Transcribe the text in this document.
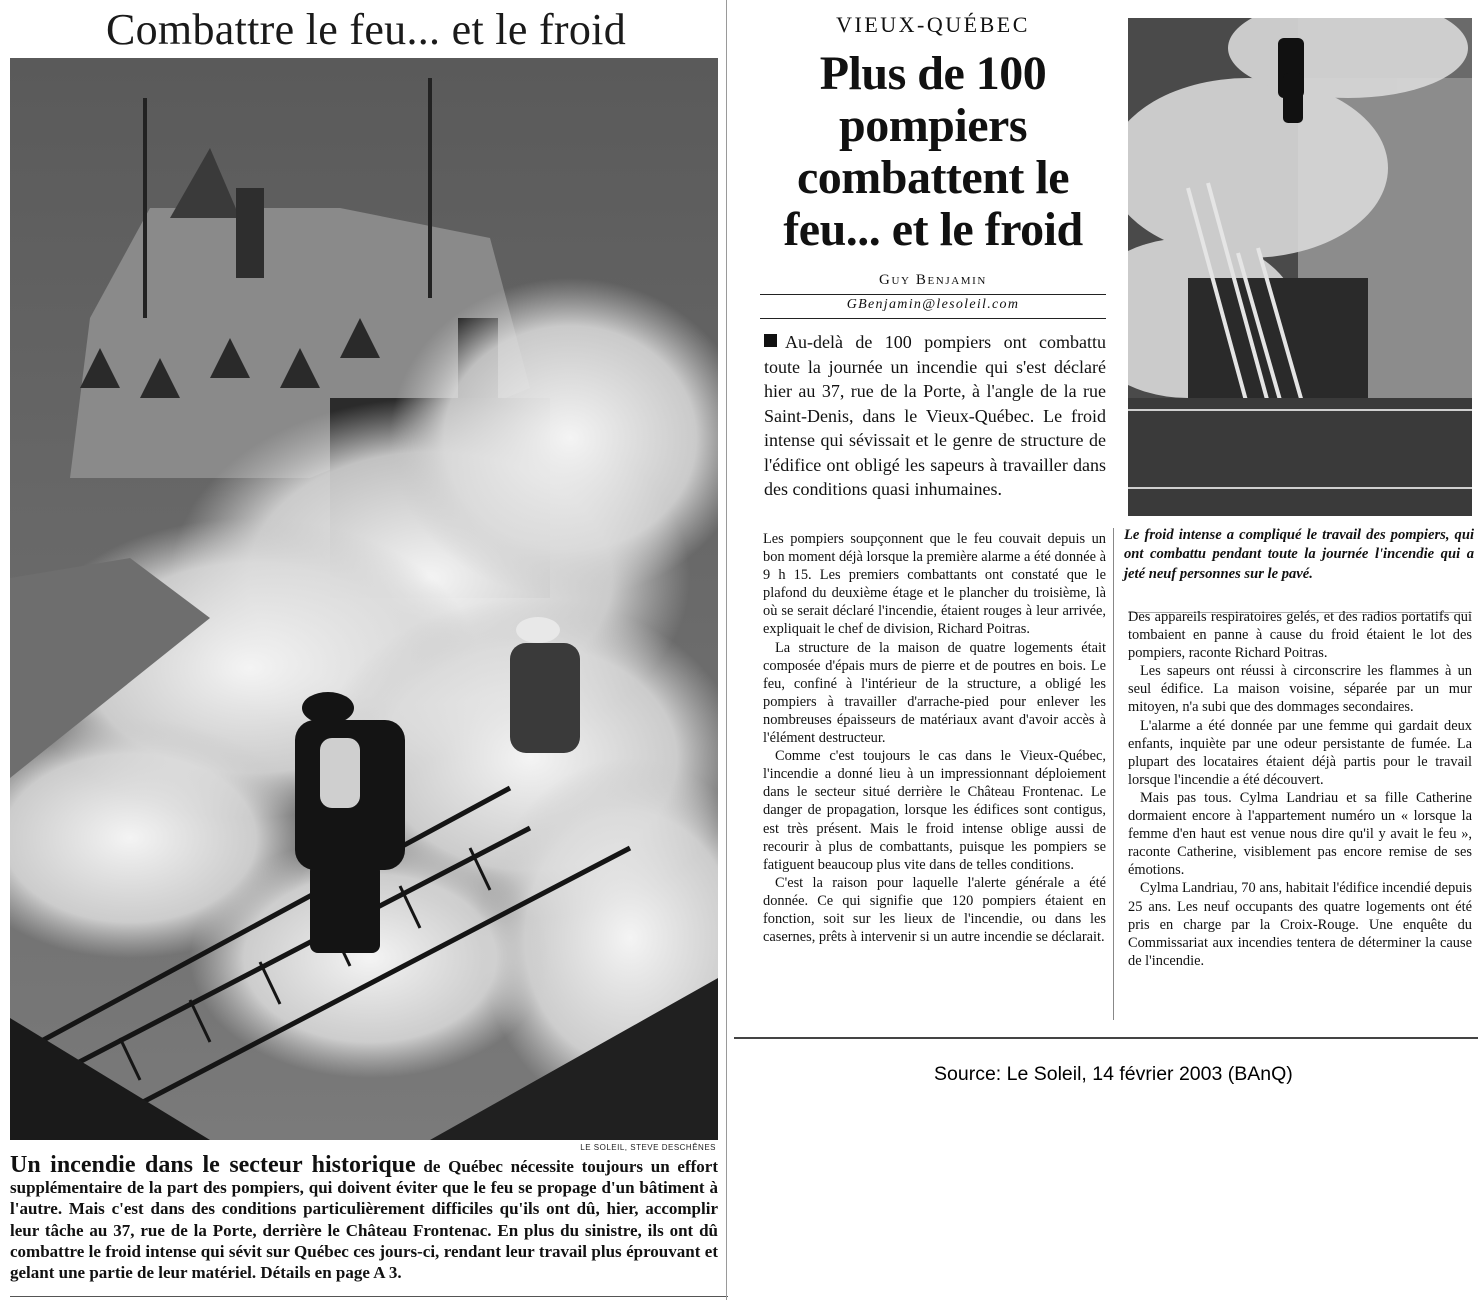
Combattre le feu... et le froid
LE SOLEIL, STEVE DESCHÊNES
Un incendie dans le secteur historique de Québec nécessite toujours un effort supplémentaire de la part des pompiers, qui doivent éviter que le feu se propage d'un bâtiment à l'autre. Mais c'est dans des conditions particulièrement difficiles qu'ils ont dû, hier, accomplir leur tâche au 37, rue de la Porte, derrière le Château Frontenac. En plus du sinistre, ils ont dû combattre le froid intense qui sévit sur Québec ces jours-ci, rendant leur travail plus éprouvant et gelant une partie de leur matériel. Détails en page A 3.
VIEUX-QUÉBEC
Plus de 100 pompiers combattent le feu... et le froid
Guy Benjamin
GBenjamin@lesoleil.com
Au-delà de 100 pompiers ont combattu toute la journée un incendie qui s'est déclaré hier au 37, rue de la Porte, à l'angle de la rue Saint-Denis, dans le Vieux-Québec. Le froid intense qui sévissait et le genre de structure de l'édifice ont obligé les sapeurs à travailler dans des conditions quasi inhumaines.

Les pompiers soupçonnent que le feu couvait depuis un bon moment déjà lorsque la première alarme a été donnée à 9 h 15. Les premiers combattants ont constaté que le plafond du deuxième étage et le plancher du troisième, là où se serait déclaré l'incendie, étaient rouges à leur arrivée, expliquait le chef de division, Richard Poitras.

La structure de la maison de quatre logements était composée d'épais murs de pierre et de poutres en bois. Le feu, confiné à l'intérieur de la structure, a obligé les pompiers à travailler d'arrache-pied pour enlever les nombreuses épaisseurs de matériaux avant d'avoir accès à l'élément destructeur.

Comme c'est toujours le cas dans le Vieux-Québec, l'incendie a donné lieu à un impressionnant déploiement dans le secteur situé derrière le Château Frontenac. Le danger de propagation, lorsque les édifices sont contigus, est très présent. Mais le froid intense oblige aussi de recourir à plus de combattants, puisque les pompiers se fatiguent beaucoup plus vite dans de telles conditions.

C'est la raison pour laquelle l'alerte générale a été donnée. Ce qui signifie que 120 pompiers étaient en fonction, soit sur les lieux de l'incendie, ou dans les casernes, prêts à intervenir si un autre incendie se déclarait.

Le froid intense a compliqué le travail des pompiers, qui ont combattu pendant toute la journée l'incendie qui a jeté neuf personnes sur le pavé.

Des appareils respiratoires gelés, et des radios portatifs qui tombaient en panne à cause du froid étaient le lot des pompiers, raconte Richard Poitras.

Les sapeurs ont réussi à circonscrire les flammes à un seul édifice. La maison voisine, séparée par un mur mitoyen, n'a subi que des dommages secondaires.

L'alarme a été donnée par une femme qui gardait deux enfants, inquiète par une odeur persistante de fumée. La plupart des locataires étaient déjà partis pour le travail lorsque l'incendie a été découvert.

Mais pas tous. Cylma Landriau et sa fille Catherine dormaient encore à l'appartement numéro un « lorsque la femme d'en haut est venue nous dire qu'il y avait le feu », raconte Catherine, visiblement pas encore remise de ses émotions.

Cylma Landriau, 70 ans, habitait l'édifice incendié depuis 25 ans. Les neuf occupants des quatre logements ont été pris en charge par la Croix-Rouge. Une enquête du Commissariat aux incendies tentera de déterminer la cause de l'incendie.

Source: Le Soleil, 14 février 2003 (BAnQ)
